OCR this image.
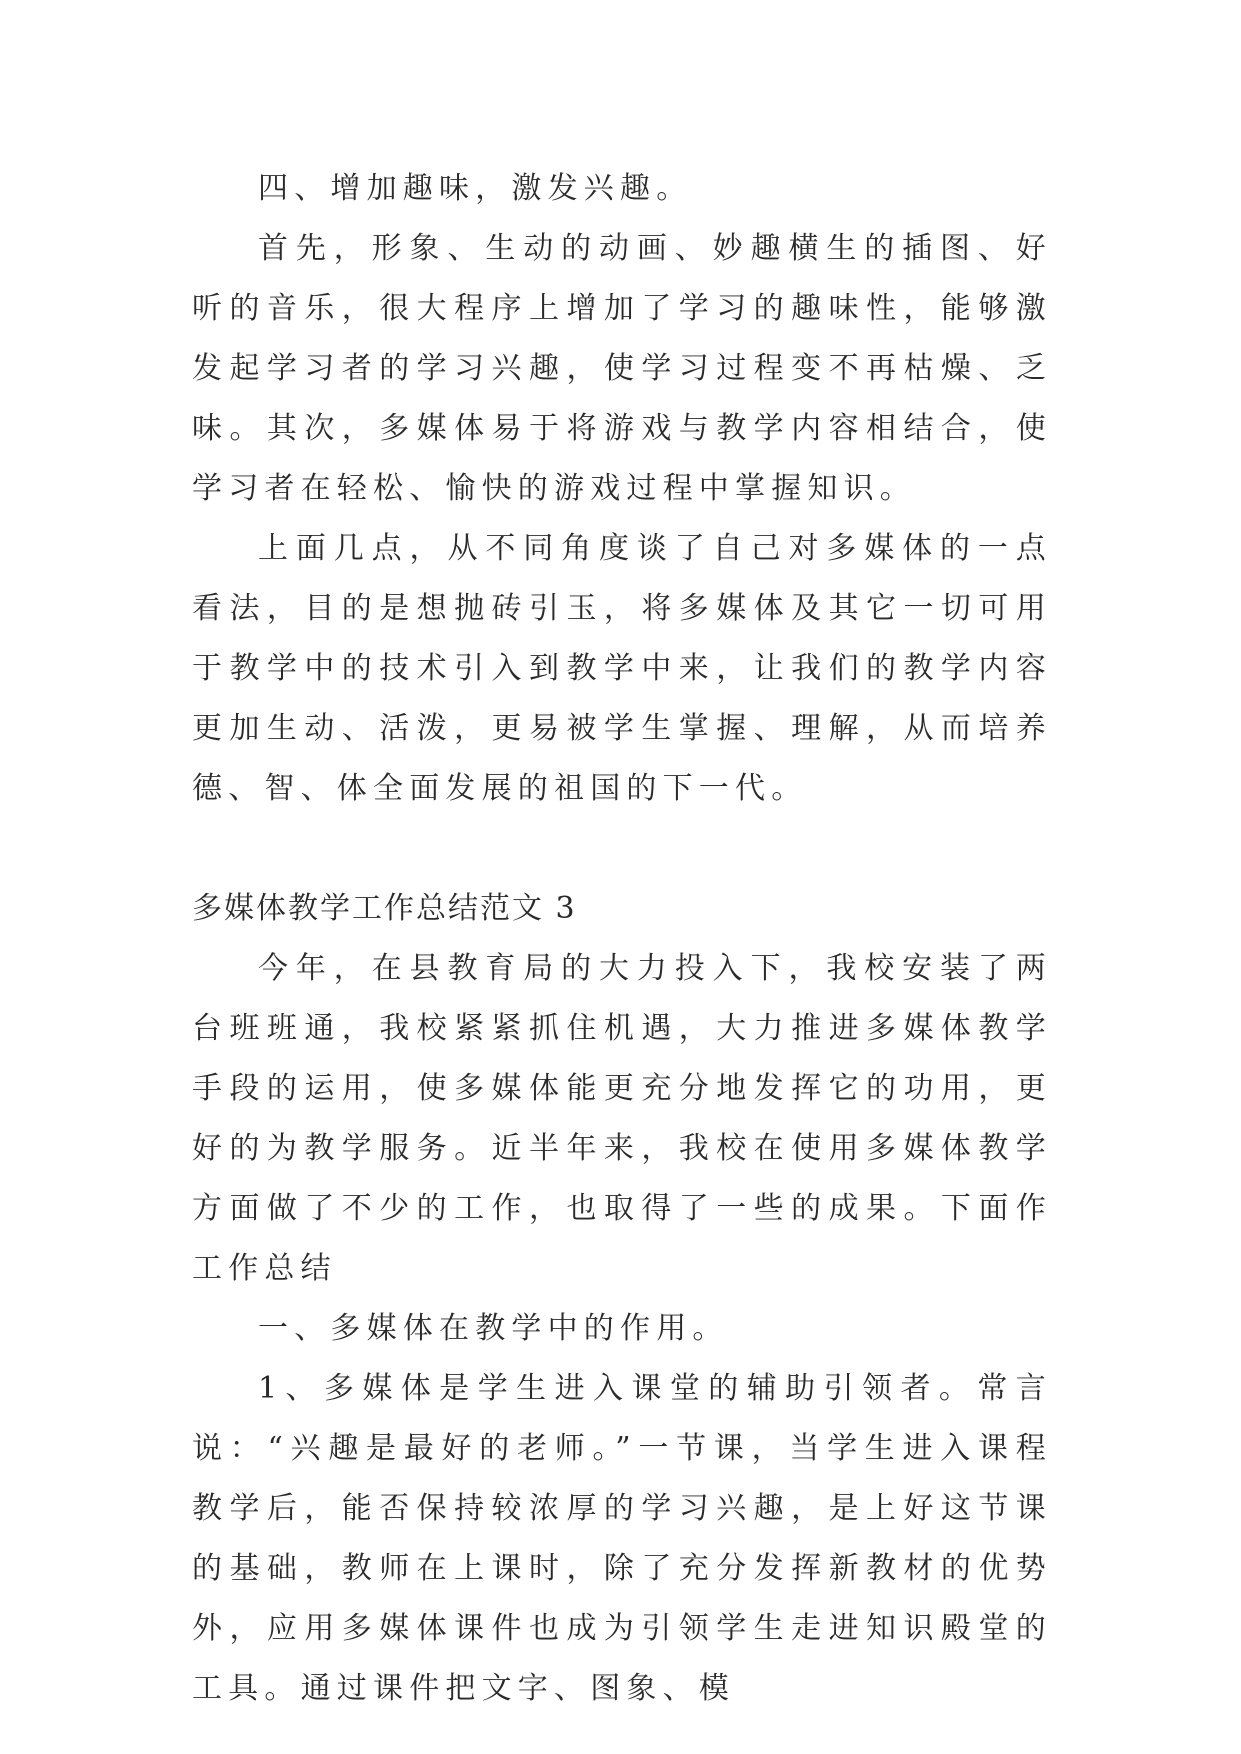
四、增加趣味，激发兴趣。

首先，形象、生动的动画、妙趣横生的插图、好听的音乐，很大程序上增加了学习的趣味性，能够激发起学习者的学习兴趣，使学习过程变不再枯燥、乏味。其次，多媒体易于将游戏与教学内容相结合，使学习者在轻松、愉快的游戏过程中掌握知识。

上面几点，从不同角度谈了自己对多媒体的一点看法，目的是想抛砖引玉，将多媒体及其它一切可用于教学中的技术引入到教学中来，让我们的教学内容更加生动、活泼，更易被学生掌握、理解，从而培养德、智、体全面发展的祖国的下一代。

多媒体教学工作总结范文 3

今年，在县教育局的大力投入下，我校安装了两台班班通，我校紧紧抓住机遇，大力推进多媒体教学手段的运用，使多媒体能更充分地发挥它的功用，更好的为教学服务。近半年来，我校在使用多媒体教学方面做了不少的工作，也取得了一些的成果。下面作工作总结

一、多媒体在教学中的作用。

1、多媒体是学生进入课堂的辅助引领者。常言说：“兴趣是最好的老师。”一节课，当学生进入课程教学后，能否保持较浓厚的学习兴趣，是上好这节课的基础，教师在上课时，除了充分发挥新教材的优势外，应用多媒体课件也成为引领学生走进知识殿堂的工具。通过课件把文字、图象、模
